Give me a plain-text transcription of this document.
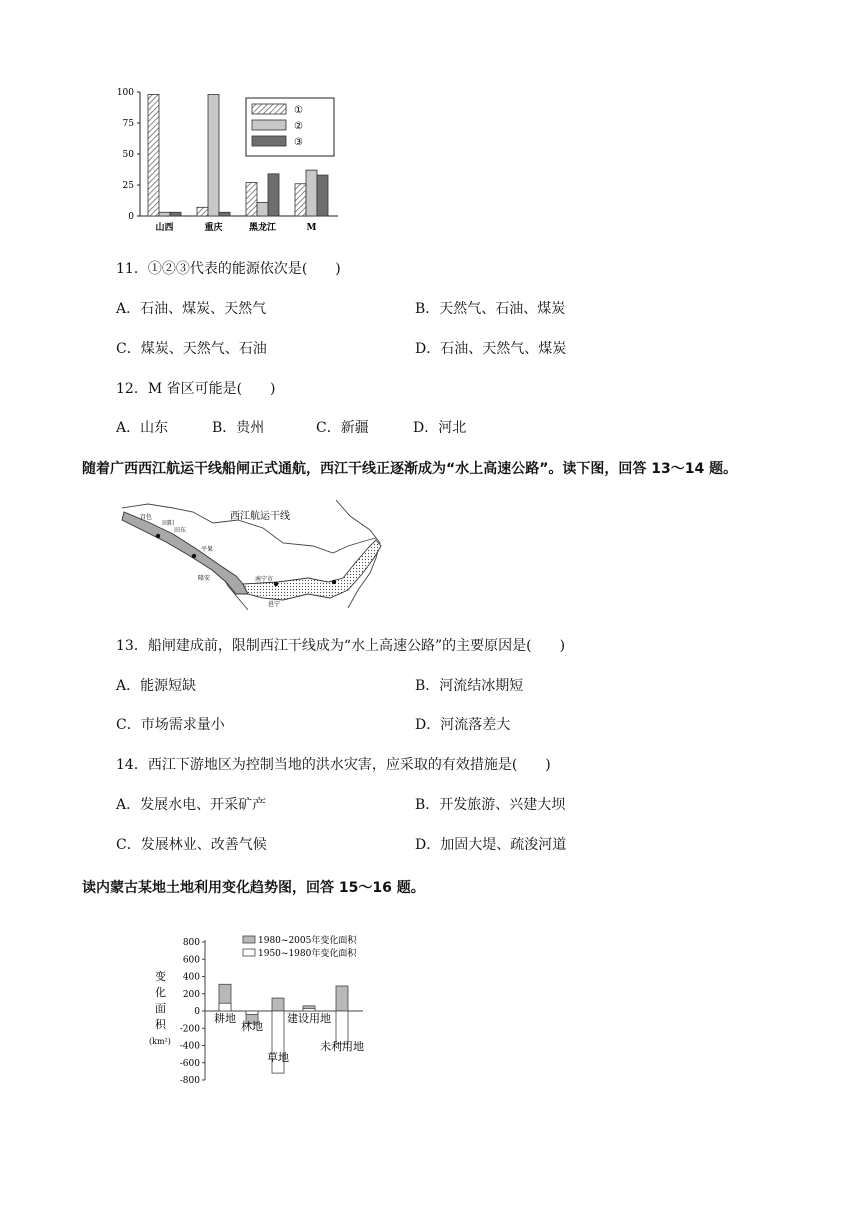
100
75
50
25
0
山西	重庆	黑龙江	M
①
②
③
11．①②③代表的能源依次是(　　)
A．石油、煤炭、天然气	B．天然气、石油、煤炭
C．煤炭、天然气、石油	D．石油、天然气、煤炭
12．M 省区可能是(　　)
A．山东	B．贵州	C．新疆	D．河北
随着广西西江航运干线船闸正式通航，西江干线正逐渐成为“水上高速公路”。读下图，回答 13～14 题。
西江航运干线
百色
田阳
田东
平果
隆安	南宁市
邕宁
13．船闸建成前，限制西江干线成为“水上高速公路”的主要原因是(　　)
A．能源短缺	B．河流结冰期短
C．市场需求量小	D．河流落差大
14．西江下游地区为控制当地的洪水灾害，应采取的有效措施是(　　)
A．发展水电、开采矿产	B．开发旅游、兴建大坝
C．发展林业、改善气候	D．加固大堤、疏浚河道
读内蒙古某地土地利用变化趋势图，回答 15～16 题。
800
600
400
200
0
-200
-400
-600
-800
变
化
面
积
(km²)
1980~2005年变化面积
1950~1980年变化面积
耕地
林地
草地
建设用地
未利用地
